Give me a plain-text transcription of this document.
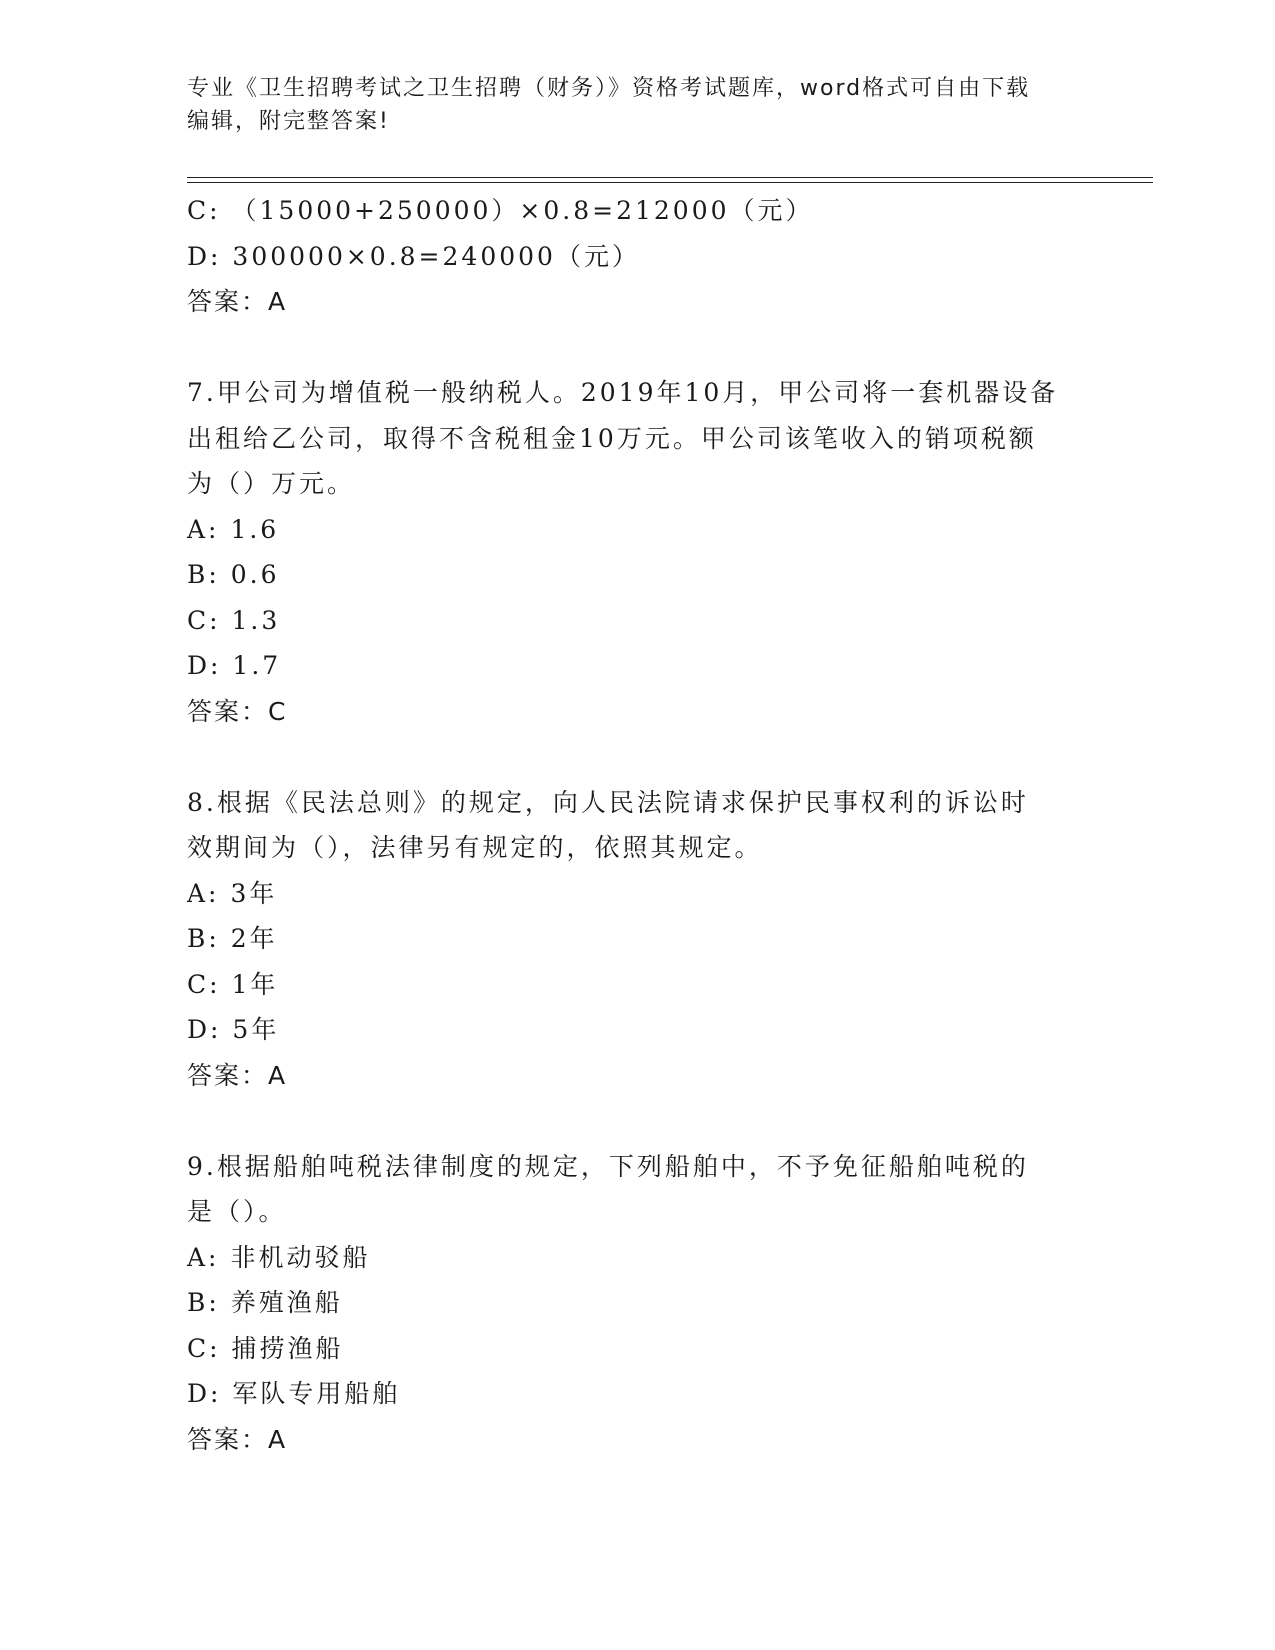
专业《卫生招聘考试之卫生招聘（财务）》资格考试题库，word格式可自由下载
编辑，附完整答案!
C: （15000+250000）×0.8=212000（元）
D: 300000×0.8=240000（元）
答案：A
7.甲公司为增值税一般纳税人。2019年10月，甲公司将一套机器设备
出租给乙公司，取得不含税租金10万元。甲公司该笔收入的销项税额
为（）万元。
A: 1.6
B: 0.6
C: 1.3
D: 1.7
答案：C
8.根据《民法总则》的规定，向人民法院请求保护民事权利的诉讼时
效期间为（），法律另有规定的，依照其规定。
A: 3年
B: 2年
C: 1年
D: 5年
答案：A
9.根据船舶吨税法律制度的规定，下列船舶中，不予免征船舶吨税的
是（）。
A: 非机动驳船
B: 养殖渔船
C: 捕捞渔船
D: 军队专用船舶
答案：A
